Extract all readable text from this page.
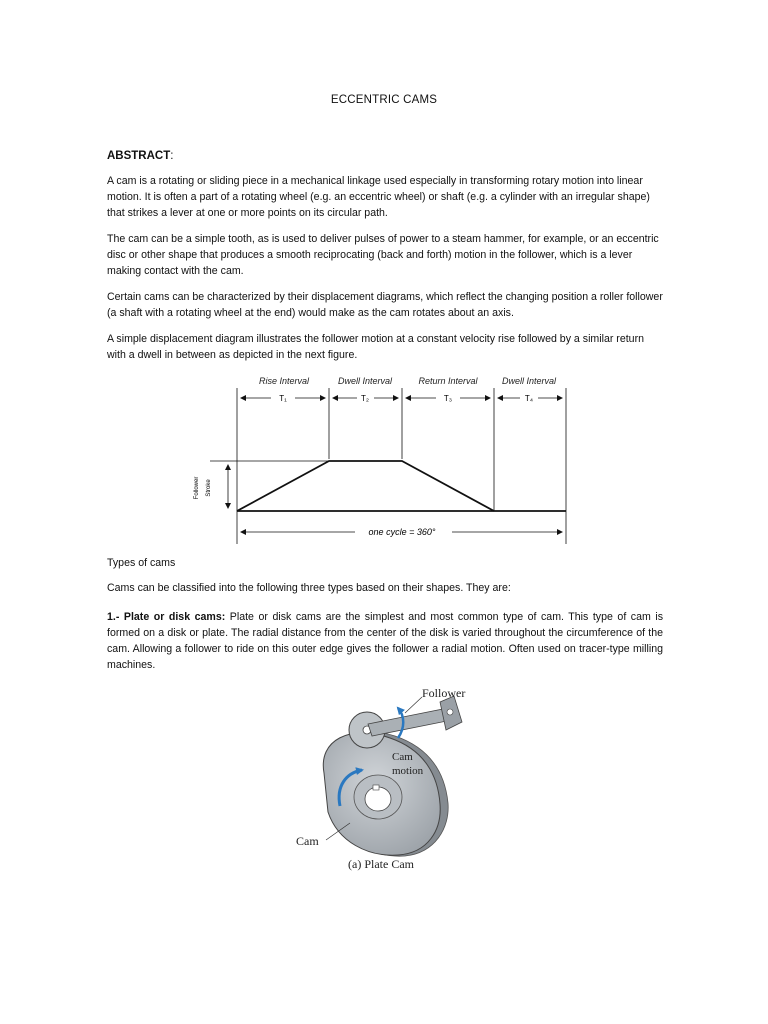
ECCENTRIC CAMS
ABSTRACT:

A cam is a rotating or sliding piece in a mechanical linkage used especially in transforming rotary motion into linear motion. It is often a part of a rotating wheel (e.g. an eccentric wheel) or shaft (e.g. a cylinder with an irregular shape) that strikes a lever at one or more points on its circular path.

The cam can be a simple tooth, as is used to deliver pulses of power to a steam hammer, for example, or an eccentric disc or other shape that produces a smooth reciprocating (back and forth) motion in the follower, which is a lever making contact with the cam.

Certain cams can be characterized by their displacement diagrams, which reflect the changing position a roller follower (a shaft with a rotating wheel at the end) would make as the cam rotates about an axis.

A simple displacement diagram illustrates the follower motion at a constant velocity rise followed by a similar return with a dwell in between as depicted in the next figure.

Rise Interval	Dwell Interval	Return Interval	Dwell Interval
T₁	T₂	T₃	T₄
Follower Stroke
one cycle = 360°
Types of cams
Cams can be classified into the following three types based on their shapes. They are:

1.- Plate or disk cams: Plate or disk cams are the simplest and most common type of cam. This type of cam is formed on a disk or plate. The radial distance from the center of the disk is varied throughout the circumference of the cam. Allowing a follower to ride on this outer edge gives the follower a radial motion. Often used on tracer-type milling machines.

Follower
Cam
motion
Cam
(a) Plate Cam
